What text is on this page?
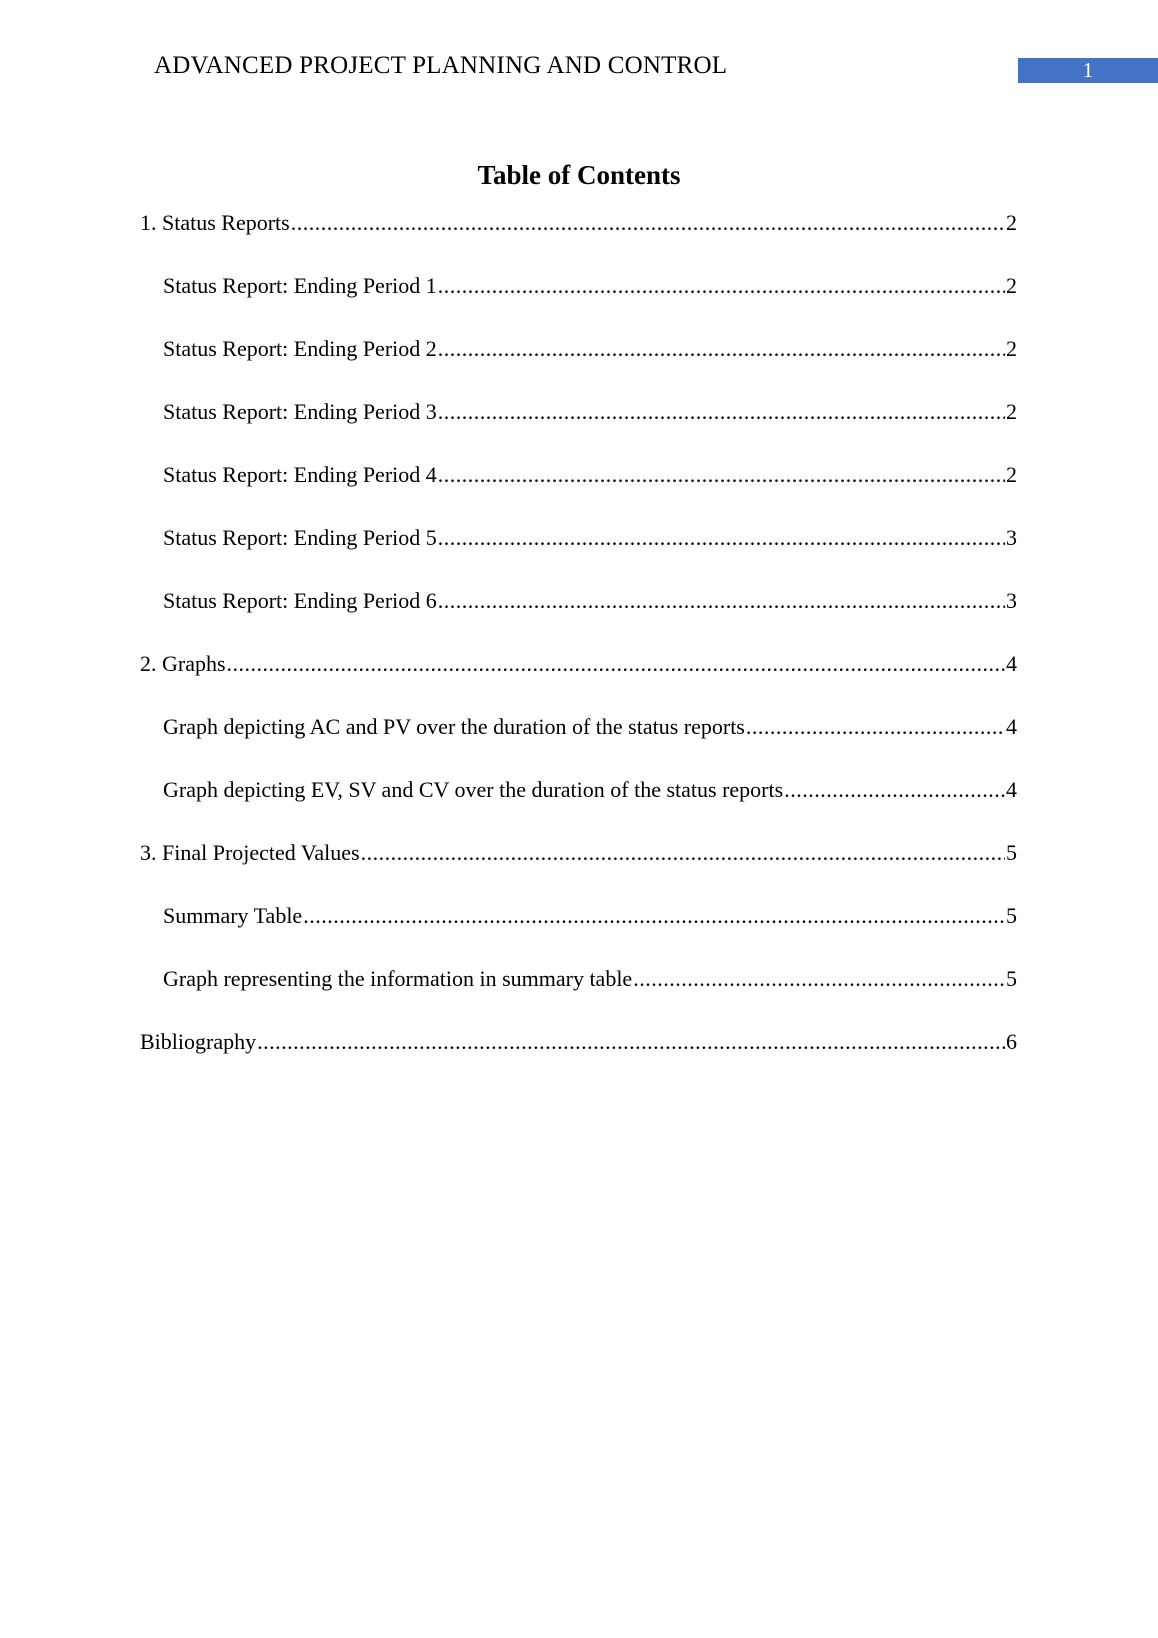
ADVANCED PROJECT PLANNING AND CONTROL	1
Table of Contents
1. Status Reports .....	2
Status Report: Ending Period 1 .....	2
Status Report: Ending Period 2 .....	2
Status Report: Ending Period 3 .....	2
Status Report: Ending Period 4 .....	2
Status Report: Ending Period 5 .....	3
Status Report: Ending Period 6 .....	3
2. Graphs .....	4
Graph depicting AC and PV over the duration of the status reports .....	4
Graph depicting EV, SV and CV over the duration of the status reports .....	4
3. Final Projected Values .....	5
Summary Table .....	5
Graph representing the information in summary table .....	5
Bibliography .....	6
